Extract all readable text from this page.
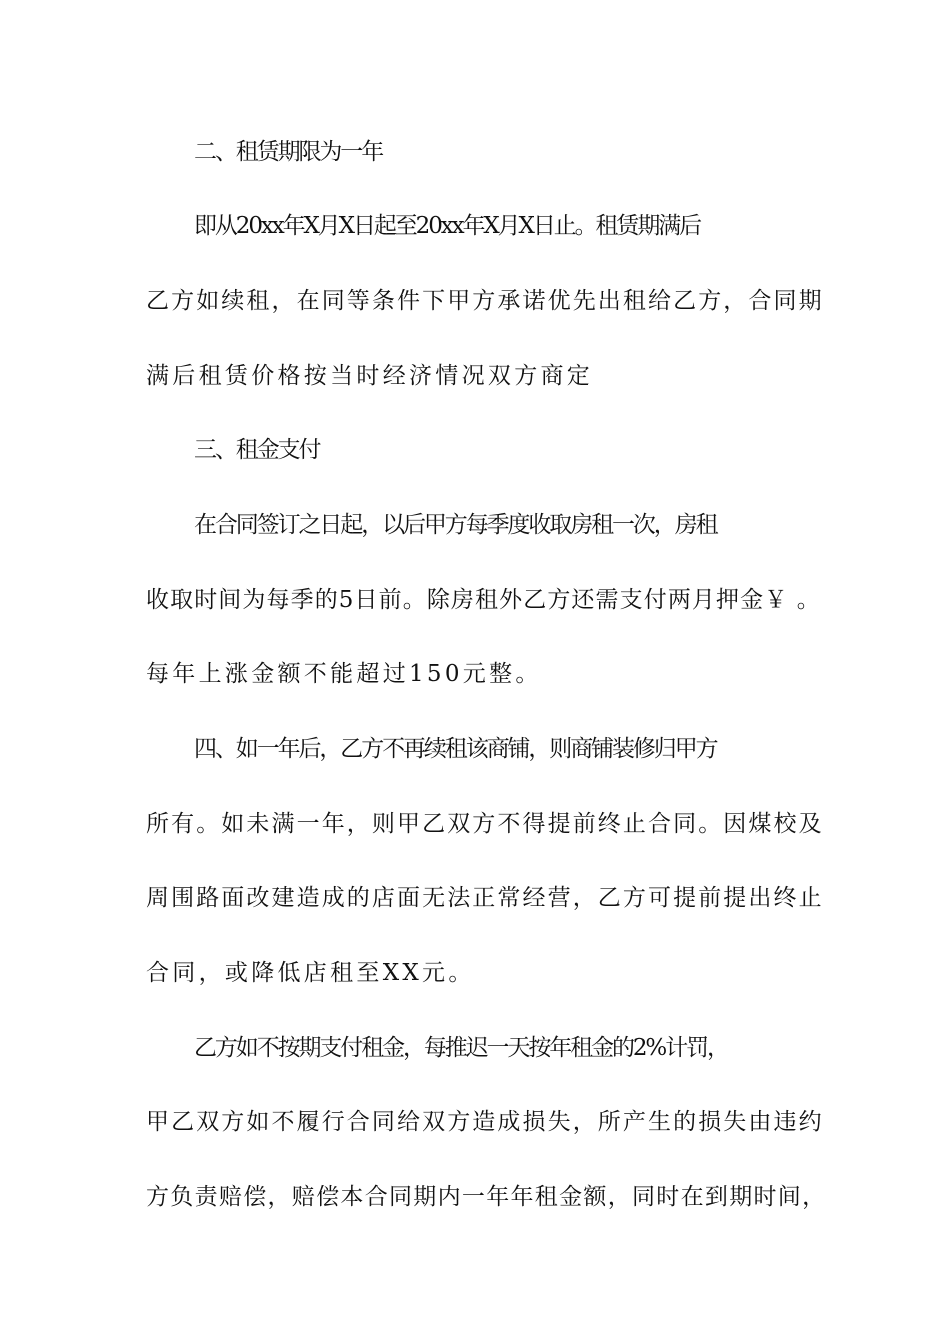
二、租赁期限为一年
即从20xx年X月X日起至20xx年X月X日止。租赁期满后
乙方如续租，在同等条件下甲方承诺优先出租给乙方，合同期
满后租赁价格按当时经济情况双方商定
三、租金支付
在合同签订之日起，以后甲方每季度收取房租一次，房租
收取时间为每季的5日前。除房租外乙方还需支付两月押金￥ 。
每年上涨金额不能超过150元整。
四、如一年后，乙方不再续租该商铺，则商铺装修归甲方
所有。如未满一年，则甲乙双方不得提前终止合同。因煤校及
周围路面改建造成的店面无法正常经营，乙方可提前提出终止
合同，或降低店租至XX元。
乙方如不按期支付租金，每推迟一天按年租金的2%计罚，
甲乙双方如不履行合同给双方造成损失，所产生的损失由违约
方负责赔偿，赔偿本合同期内一年年租金额，同时在到期时间，
